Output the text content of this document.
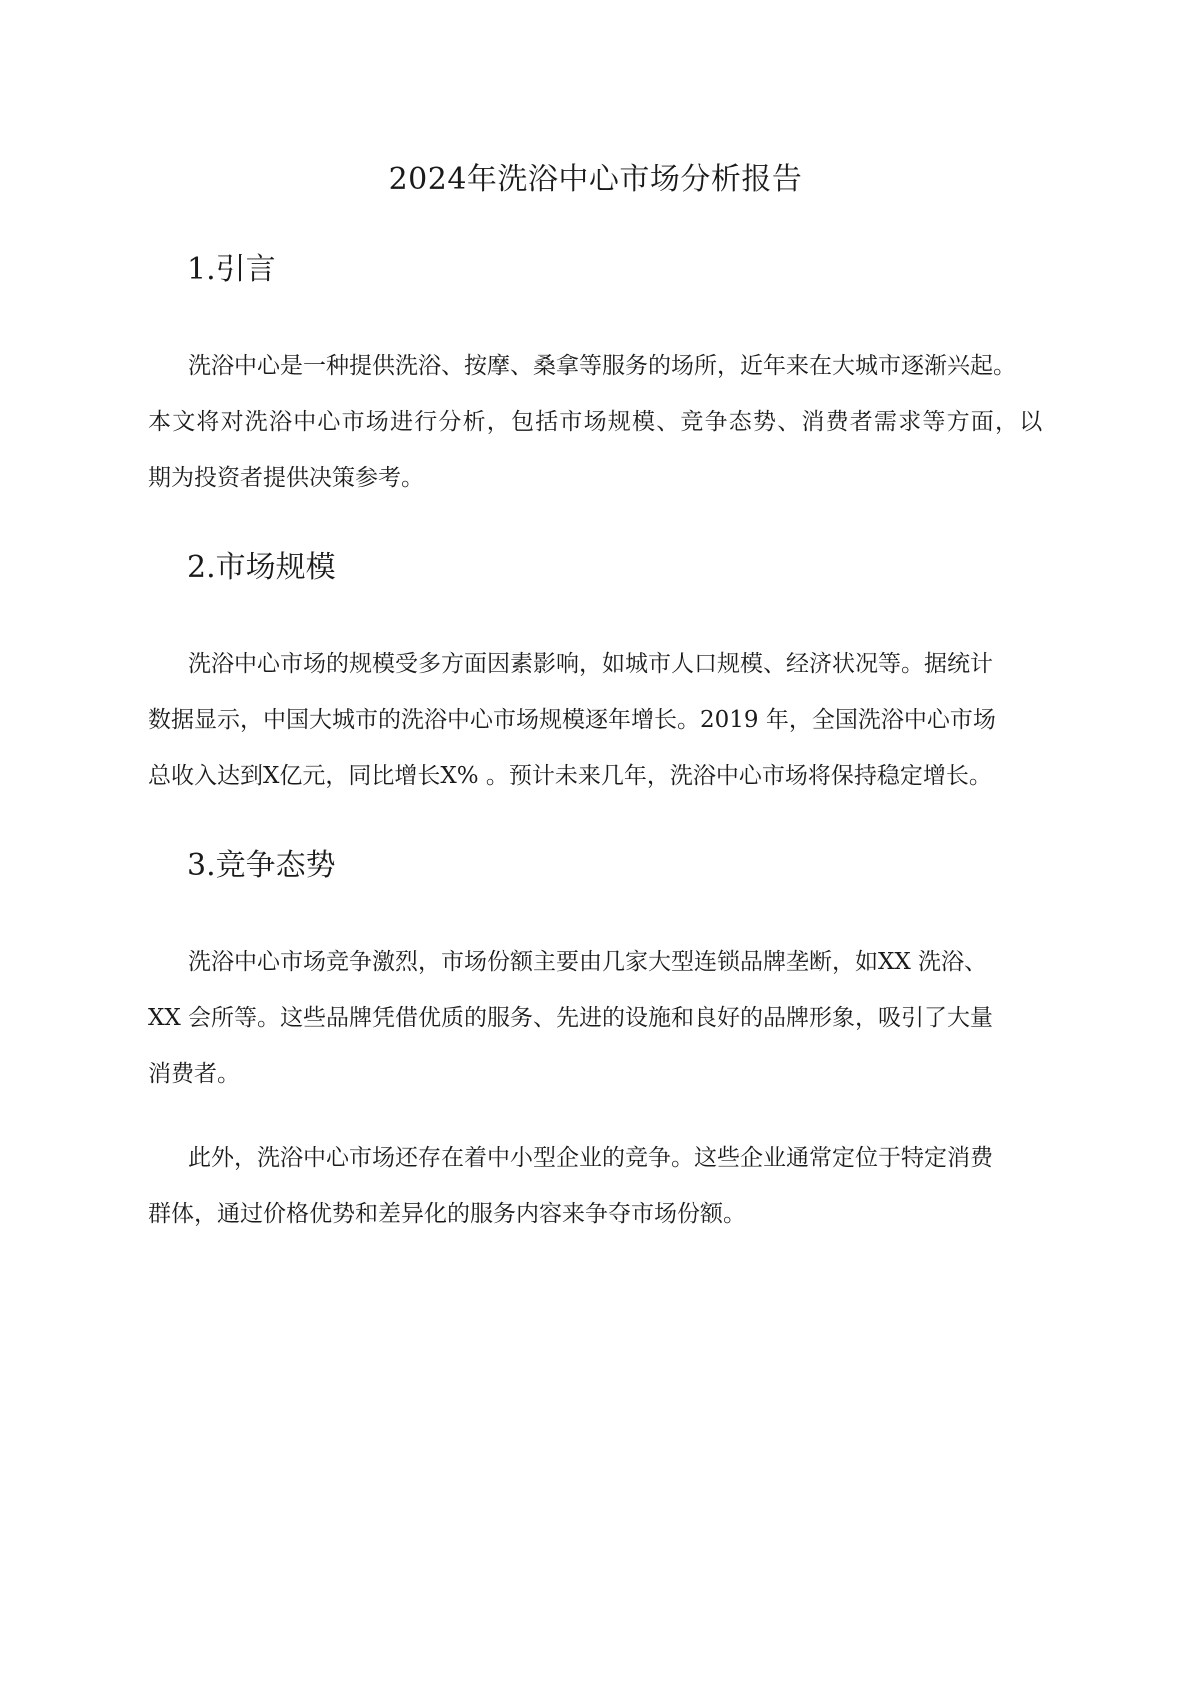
2024年洗浴中心市场分析报告
1.引言
洗浴中心是一种提供洗浴、按摩、桑拿等服务的场所，近年来在大城市逐渐兴起。
本文将对洗浴中心市场进行分析，包括市场规模、竞争态势、消费者需求等方面，以
期为投资者提供决策参考。
2.市场规模
洗浴中心市场的规模受多方面因素影响，如城市人口规模、经济状况等。据统计
数据显示，中国大城市的洗浴中心市场规模逐年增长。2019 年，全国洗浴中心市场
总收入达到X亿元，同比增长X% 。预计未来几年，洗浴中心市场将保持稳定增长。
3.竞争态势
洗浴中心市场竞争激烈，市场份额主要由几家大型连锁品牌垄断，如XX 洗浴、
XX 会所等。这些品牌凭借优质的服务、先进的设施和良好的品牌形象，吸引了大量
消费者。
此外，洗浴中心市场还存在着中小型企业的竞争。这些企业通常定位于特定消费
群体，通过价格优势和差异化的服务内容来争夺市场份额。
